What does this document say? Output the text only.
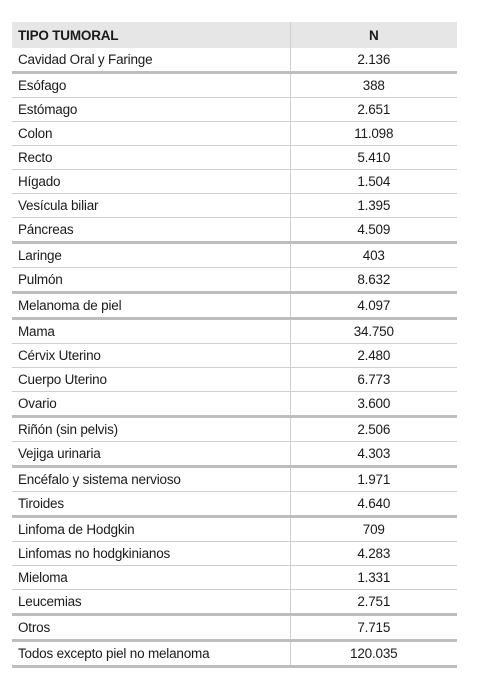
TIPO TUMORAL	N
Cavidad Oral y Faringe	2.136
Esófago	388
Estómago	2.651
Colon	11.098
Recto	5.410
Hígado	1.504
Vesícula biliar	1.395
Páncreas	4.509
Laringe	403
Pulmón	8.632
Melanoma de piel	4.097
Mama	34.750
Cérvix Uterino	2.480
Cuerpo Uterino	6.773
Ovario	3.600
Riñón (sin pelvis)	2.506
Vejiga urinaria	4.303
Encéfalo y sistema nervioso	1.971
Tiroides	4.640
Linfoma de Hodgkin	709
Linfomas no hodgkinianos	4.283
Mieloma	1.331
Leucemias	2.751
Otros	7.715
Todos excepto piel no melanoma	120.035
